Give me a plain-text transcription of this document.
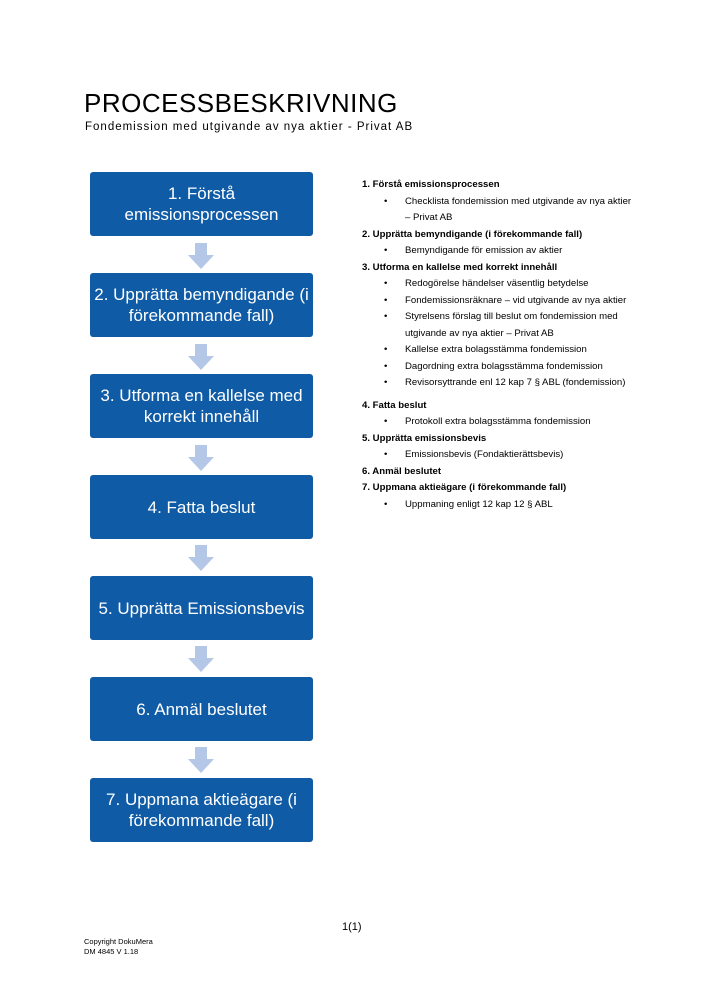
PROCESSBESKRIVNING
Fondemission med utgivande av nya aktier - Privat AB
1. Förstå emissionsprocessen
2. Upprätta bemyndigande (i förekommande fall)
3. Utforma en kallelse med korrekt innehåll
4. Fatta beslut
5. Upprätta Emissionsbevis
6. Anmäl beslutet
7. Uppmana aktieägare (i förekommande fall)
1. Förstå emissionsprocessen
• Checklista fondemission med utgivande av nya aktier – Privat AB
2. Upprätta bemyndigande (i förekommande fall)
• Bemyndigande för emission av aktier
3. Utforma en kallelse med korrekt innehåll
• Redogörelse händelser väsentlig betydelse
• Fondemissionsräknare – vid utgivande av nya aktier
• Styrelsens förslag till beslut om fondemission med utgivande av nya aktier – Privat AB
• Kallelse extra bolagsstämma fondemission
• Dagordning extra bolagsstämma fondemission
• Revisorsyttrande enl 12 kap 7 § ABL (fondemission)
4. Fatta beslut
• Protokoll extra bolagsstämma fondemission
5. Upprätta emissionsbevis
• Emissionsbevis (Fondaktierättsbevis)
6. Anmäl beslutet
7. Uppmana aktieägare (i förekommande fall)
• Uppmaning enligt 12 kap 12 § ABL
1(1)
Copyright DokuMera
DM 4845 V 1.18
